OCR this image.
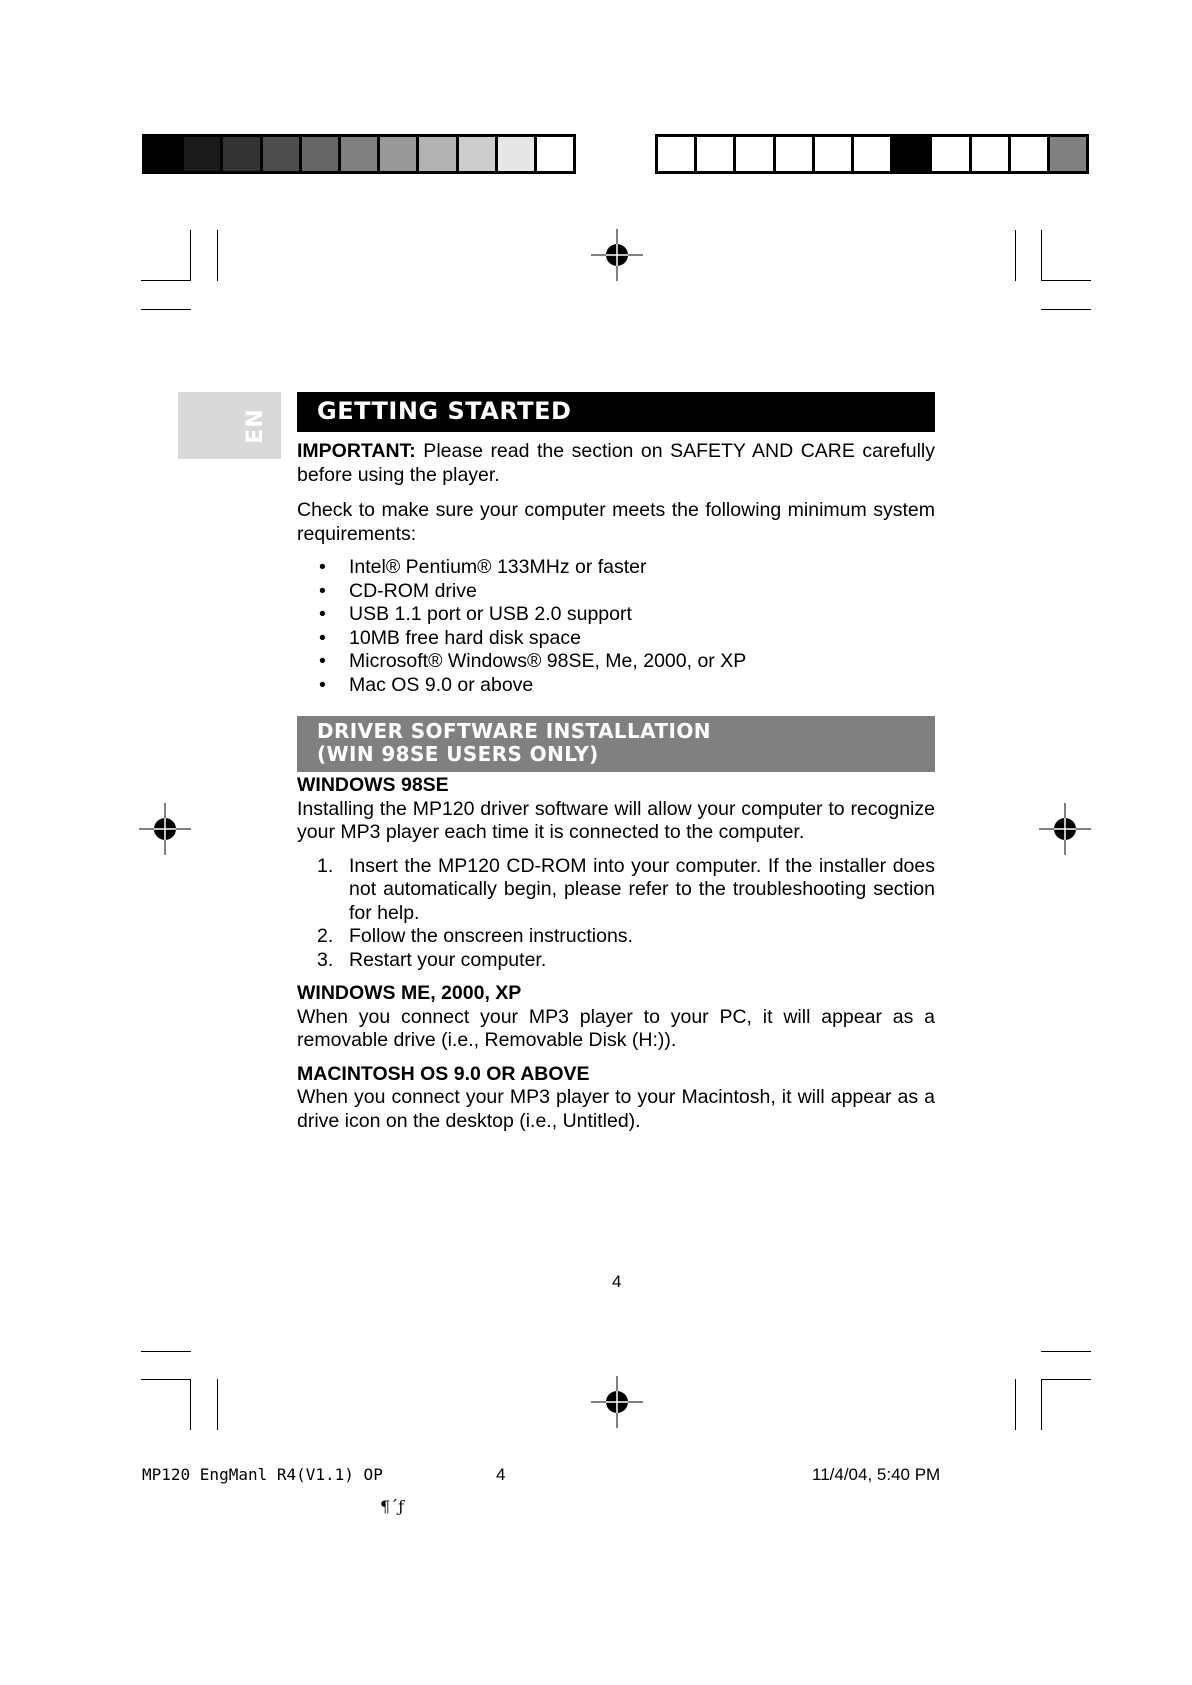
EN	GETTING STARTED

IMPORTANT: Please read the section on SAFETY AND CARE carefully before using the player.

Check to make sure your computer meets the following minimum system requirements:

• Intel® Pentium® 133MHz or faster
• CD-ROM drive
• USB 1.1 port or USB 2.0 support
• 10MB free hard disk space
• Microsoft® Windows® 98SE, Me, 2000, or XP
• Mac OS 9.0 or above
DRIVER SOFTWARE INSTALLATION
(WIN 98SE USERS ONLY)
WINDOWS 98SE

Installing the MP120 driver software will allow your computer to recognize your MP3 player each time it is connected to the computer.

1. Insert the MP120 CD-ROM into your computer. If the installer does not automatically begin, please refer to the troubleshooting section for help.
2. Follow the onscreen instructions.
3. Restart your computer.
WINDOWS ME, 2000, XP

When you connect your MP3 player to your PC, it will appear as a removable drive (i.e., Removable Disk (H:)).

MACINTOSH OS 9.0 OR ABOVE

When you connect your MP3 player to your Macintosh, it will appear as a drive icon on the desktop (i.e., Untitled).

4
MP120 EngManl R4(V1.1) OP	4	11/4/04, 5:40 PM
¶´ƒ
